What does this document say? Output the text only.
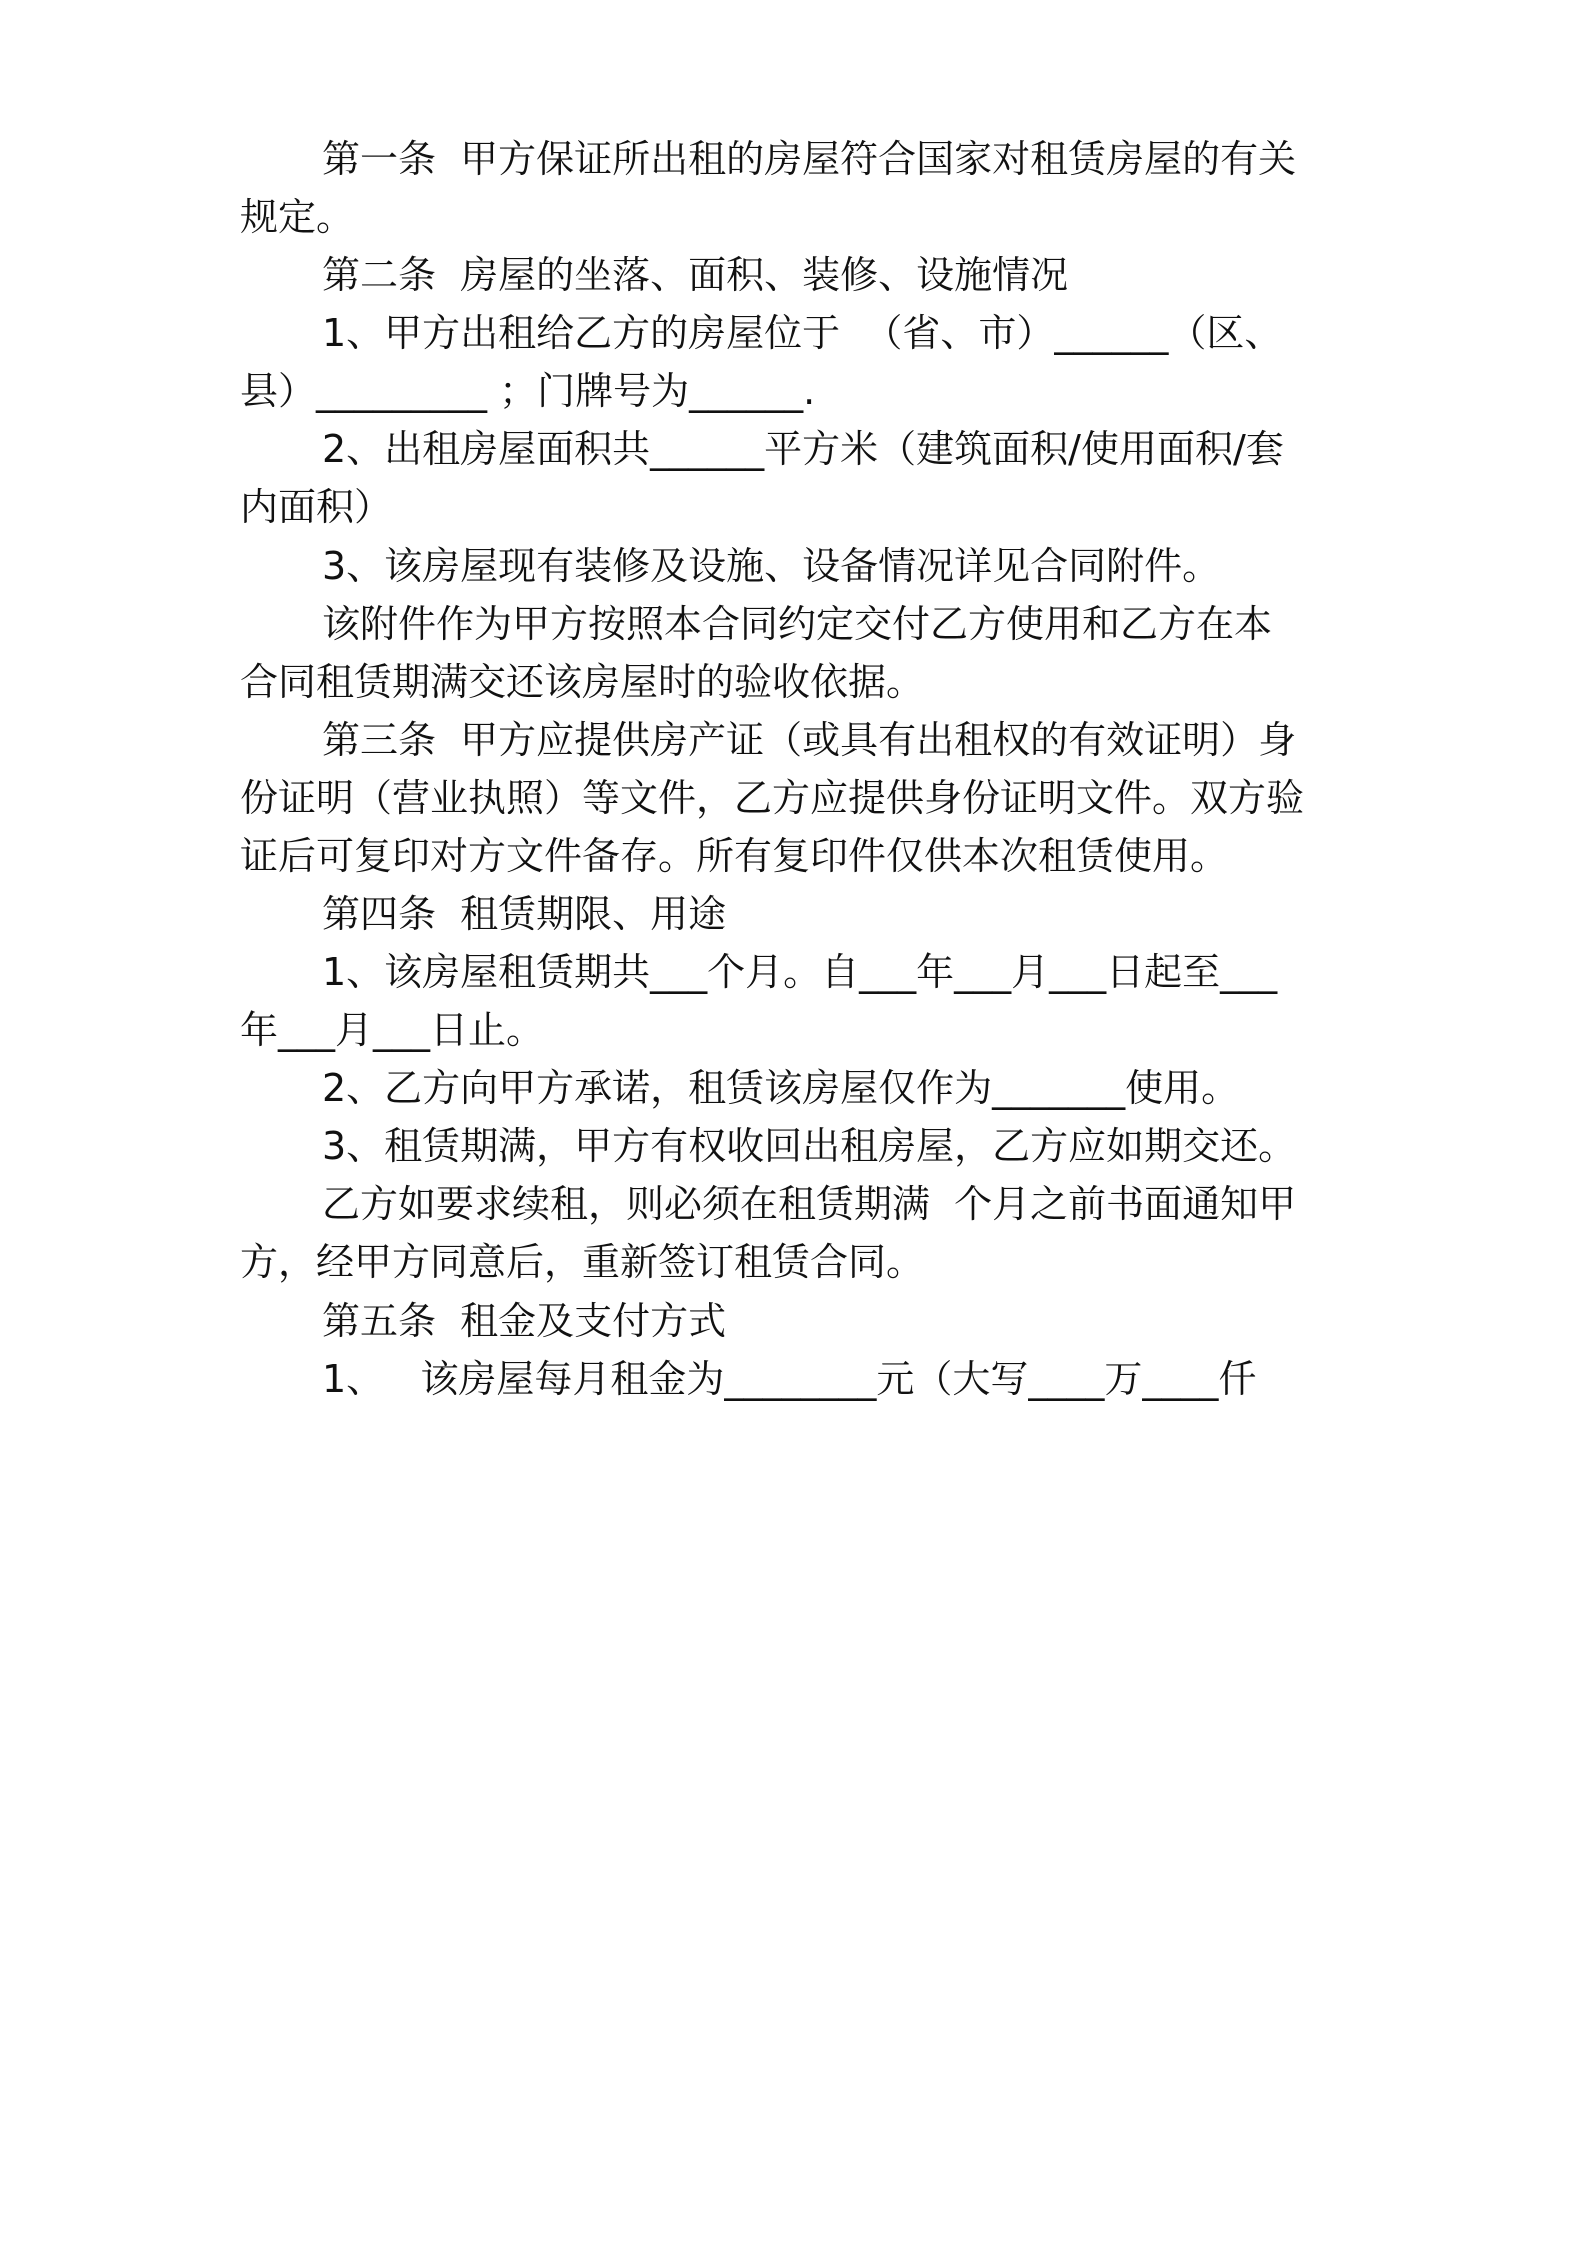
第一条  甲方保证所出租的房屋符合国家对租赁房屋的有关
规定。
第二条  房屋的坐落、面积、装修、设施情况
1、甲方出租给乙方的房屋位于  （省、市）______（区、
县）_________ ；门牌号为______.
2、出租房屋面积共______平方米（建筑面积/使用面积/套
内面积）
3、该房屋现有装修及设施、设备情况详见合同附件。
该附件作为甲方按照本合同约定交付乙方使用和乙方在本
合同租赁期满交还该房屋时的验收依据。
第三条  甲方应提供房产证（或具有出租权的有效证明）身
份证明（营业执照）等文件，乙方应提供身份证明文件。双方验
证后可复印对方文件备存。所有复印件仅供本次租赁使用。
第四条  租赁期限、用途
1、该房屋租赁期共___个月。自___年___月___日起至___
年___月___日止。
2、乙方向甲方承诺，租赁该房屋仅作为_______使用。
3、租赁期满，甲方有权收回出租房屋，乙方应如期交还。
乙方如要求续租，则必须在租赁期满  个月之前书面通知甲
方，经甲方同意后，重新签订租赁合同。
第五条  租金及支付方式
1、   该房屋每月租金为________元（大写____万____仟
